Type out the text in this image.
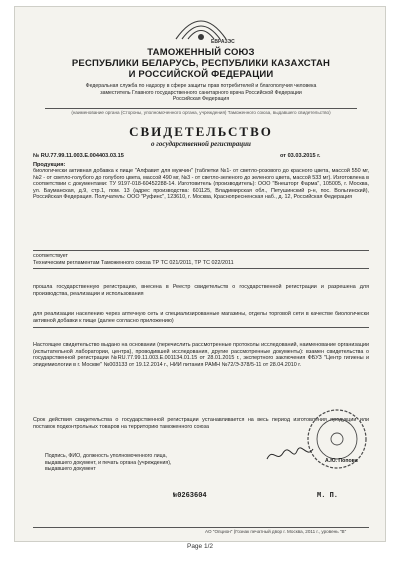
ЕВРАЗЭС
ТАМОЖЕННЫЙ СОЮЗ
РЕСПУБЛИКИ БЕЛАРУСЬ, РЕСПУБЛИКИ КАЗАХСТАН
И РОССИЙСКОЙ ФЕДЕРАЦИИ
Федеральная служба по надзору в сфере защиты прав потребителей и благополучия человека
заместитель Главного государственного санитарного врача Российской Федерации
Российская Федерация
(наименование органа (Стороны, уполномоченного органа, учреждения) Таможенного союза, выдавшего свидетельство)
СВИДЕТЕЛЬСТВО
о государственной регистрации
№ RU.77.99.11.003.E.004403.03.15	от 03.03.2015 г.
Продукция:
биологически активная добавка к пище "Алфавит для мужчин" (таблетки №1- от светло-розового до красного цвета, массой 550 мг, №2 - от светло-голубого до голубого цвета, массой 490 мг, №3 - от светло-зеленого до зеленого цвета, массой 533 мг). Изготовлена в соответствии с документами: ТУ 9197-018-60452288-14. Изготовитель (производитель): ООО "Внешторг Фарма", 105005, г. Москва, ул. Бауманская, д.9, стр.1, пом. 13 (адрес производства: 601125, Владимирская обл., Петушинский р-н, пос. Вольгинский), Российская Федерация. Получатель: ООО "Руфинс", 123610, г. Москва, Краснопресненская наб., д. 12, Российская Федерация
соответствует
Техническим регламентам Таможенного союза ТР ТС 021/2011, ТР ТС 022/2011
прошла государственную регистрацию, внесена в Реестр свидетельств о государственной регистрации и разрешена для производства, реализации и использования
для реализации населению через аптечную сеть и специализированные магазины, отделы торговой сети в качестве биологически активной добавки к пище (далее согласно приложению)
Настоящее свидетельство выдано на основании (перечислить рассмотренные протоколы исследований, наименование организации (испытательной лаборатории, центра), проводившей исследования, другие рассмотренные документы): взамен свидетельства о государственной регистрации №RU.77.99.11.003.E.001134.01.15 от 28.01.2015 г., экспертного заключения ФБУЗ "Центр гигиены и эпидемиологии в г. Москве" №003133 от 19.12.2014 г., НИИ питания РАМН №72/Э-378/5-11 от 28.04.2010 г.
Срок действия свидетельства о государственной регистрации устанавливается на весь период изготовления продукции или поставок подконтрольных товаров на территорию таможенного союза
Подпись, ФИО, должность уполномоченного лица,
выдавшего документ, и печать органа (учреждения),
выдавшего документ
А.Ю. Попова
№0263604	М. П.
АО "Опцион" (Гознак печатный двор г. Москва, 2011 г., уровень "В"
Page 1/2
